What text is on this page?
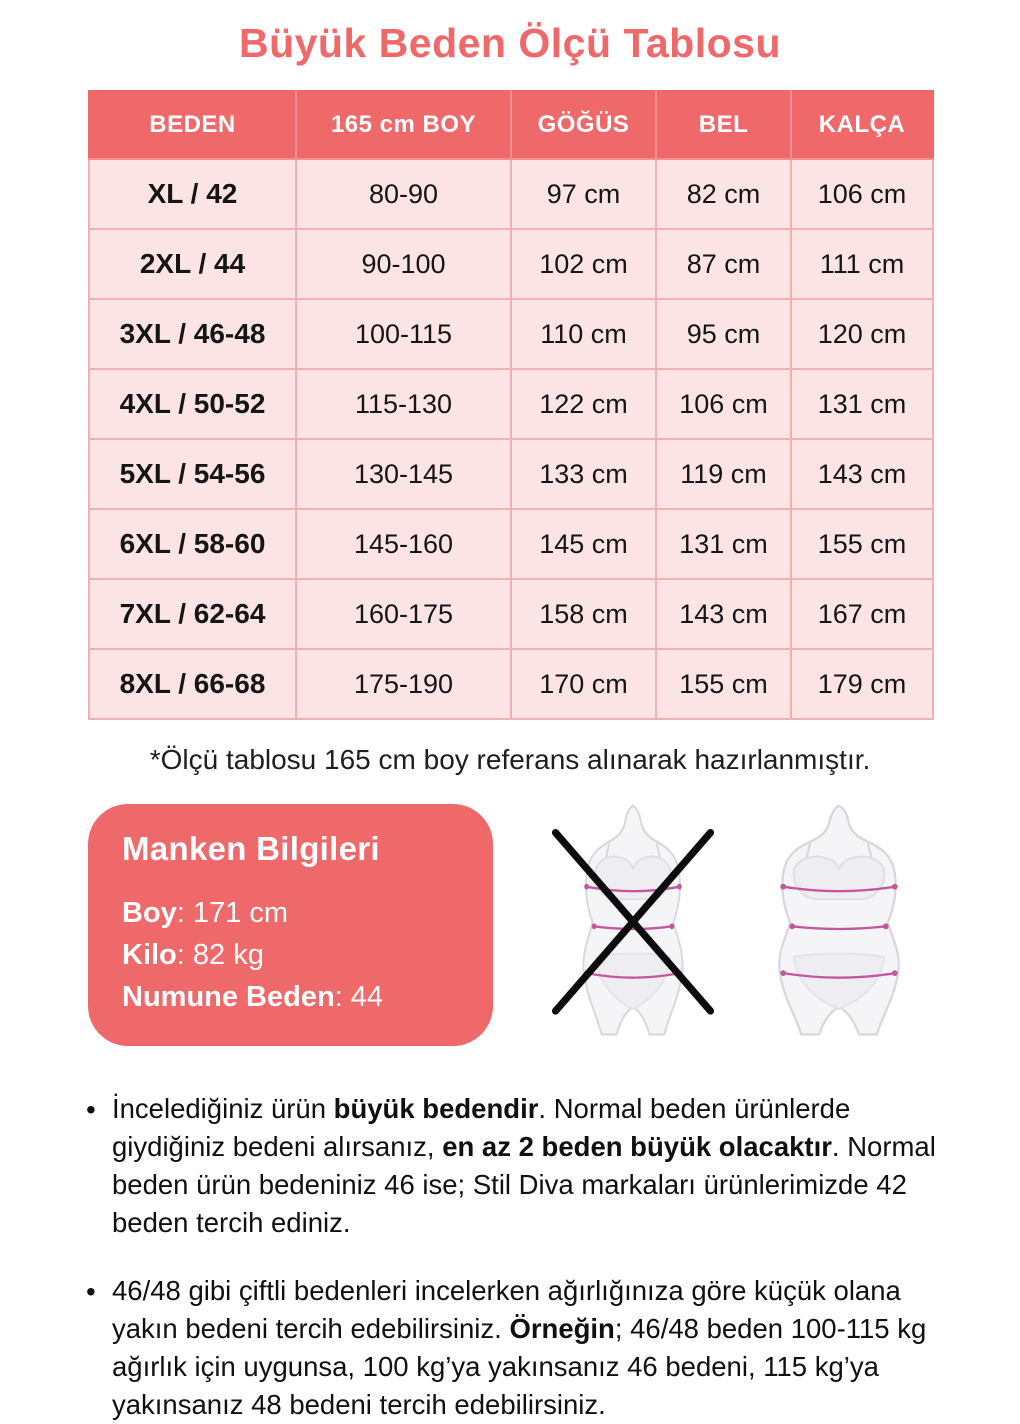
Büyük Beden Ölçü Tablosu
BEDEN	165 cm BOY	GÖĞÜS	BEL	KALÇA
XL / 42	80-90	97 cm	82 cm	106 cm
2XL / 44	90-100	102 cm	87 cm	111 cm
3XL / 46-48	100-115	110 cm	95 cm	120 cm
4XL / 50-52	115-130	122 cm	106 cm	131 cm
5XL / 54-56	130-145	133 cm	119 cm	143 cm
6XL / 58-60	145-160	145 cm	131 cm	155 cm
7XL / 62-64	160-175	158 cm	143 cm	167 cm
8XL / 66-68	175-190	170 cm	155 cm	179 cm

*Ölçü tablosu 165 cm boy referans alınarak hazırlanmıştır.

Manken Bilgileri
Boy: 171 cm
Kilo: 82 kg
Numune Beden: 44
• İncelediğiniz ürün büyük bedendir. Normal beden ürünlerde giydiğiniz bedeni alırsanız, en az 2 beden büyük olacaktır. Normal beden ürün bedeniniz 46 ise; Stil Diva markaları ürünlerimizde 42 beden tercih ediniz.
• 46/48 gibi çiftli bedenleri incelerken ağırlığınıza göre küçük olana yakın bedeni tercih edebilirsiniz. Örneğin; 46/48 beden 100-115 kg ağırlık için uygunsa, 100 kg’ya yakınsanız 46 bedeni, 115 kg’ya yakınsanız 48 bedeni tercih edebilirsiniz.
